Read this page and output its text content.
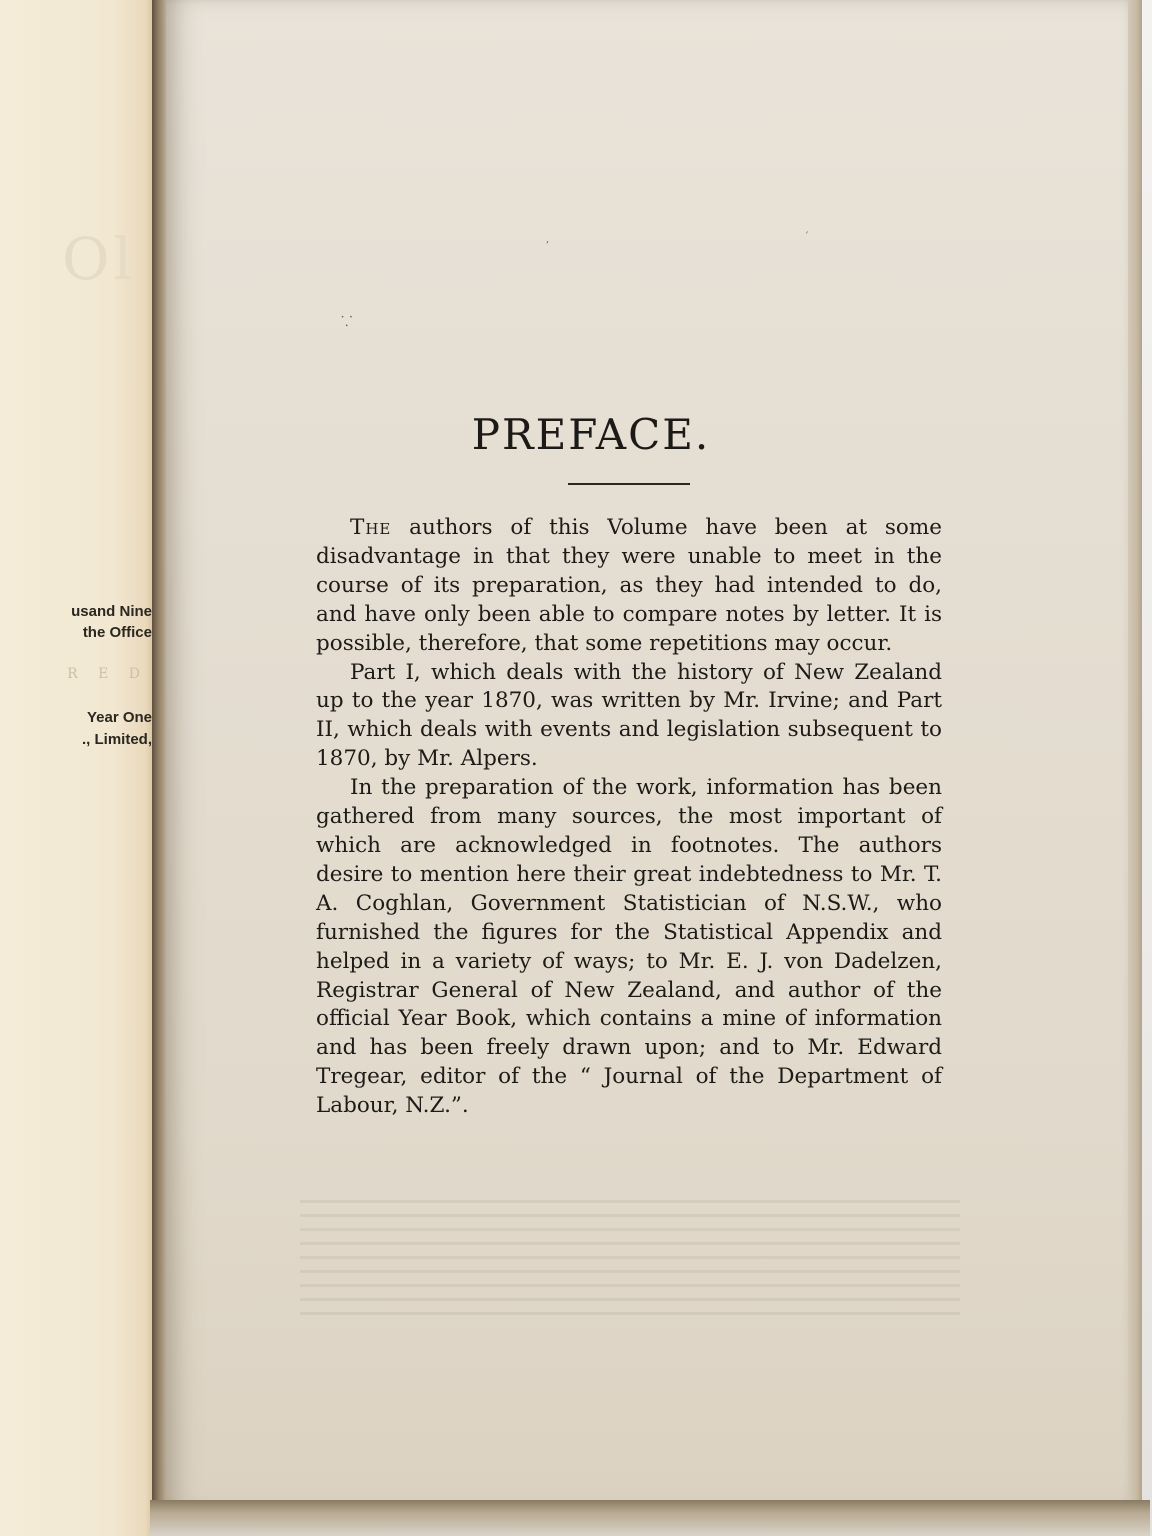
Ol
usand Nine
the Office
R E D
Year One
., Limited,
⸪
,	´
PREFACE.

The authors of this Volume have been at some disadvantage in that they were unable to meet in the course of its preparation, as they had intended to do, and have only been able to compare notes by letter. It is possible, therefore, that some repetitions may occur.

Part I, which deals with the history of New Zealand up to the year 1870, was written by Mr. Irvine; and Part II, which deals with events and legislation subsequent to 1870, by Mr. Alpers.

In the preparation of the work, information has been gathered from many sources, the most important of which are acknowledged in footnotes. The authors desire to mention here their great indebtedness to Mr. T. A. Coghlan, Government Statistician of N.S.W., who furnished the figures for the Statistical Appendix and helped in a variety of ways; to Mr. E. J. von Dadelzen, Registrar General of New Zealand, and author of the official Year Book, which contains a mine of information and has been freely drawn upon; and to Mr. Edward Tregear, editor of the “ Journal of the Department of Labour, N.Z.”.
